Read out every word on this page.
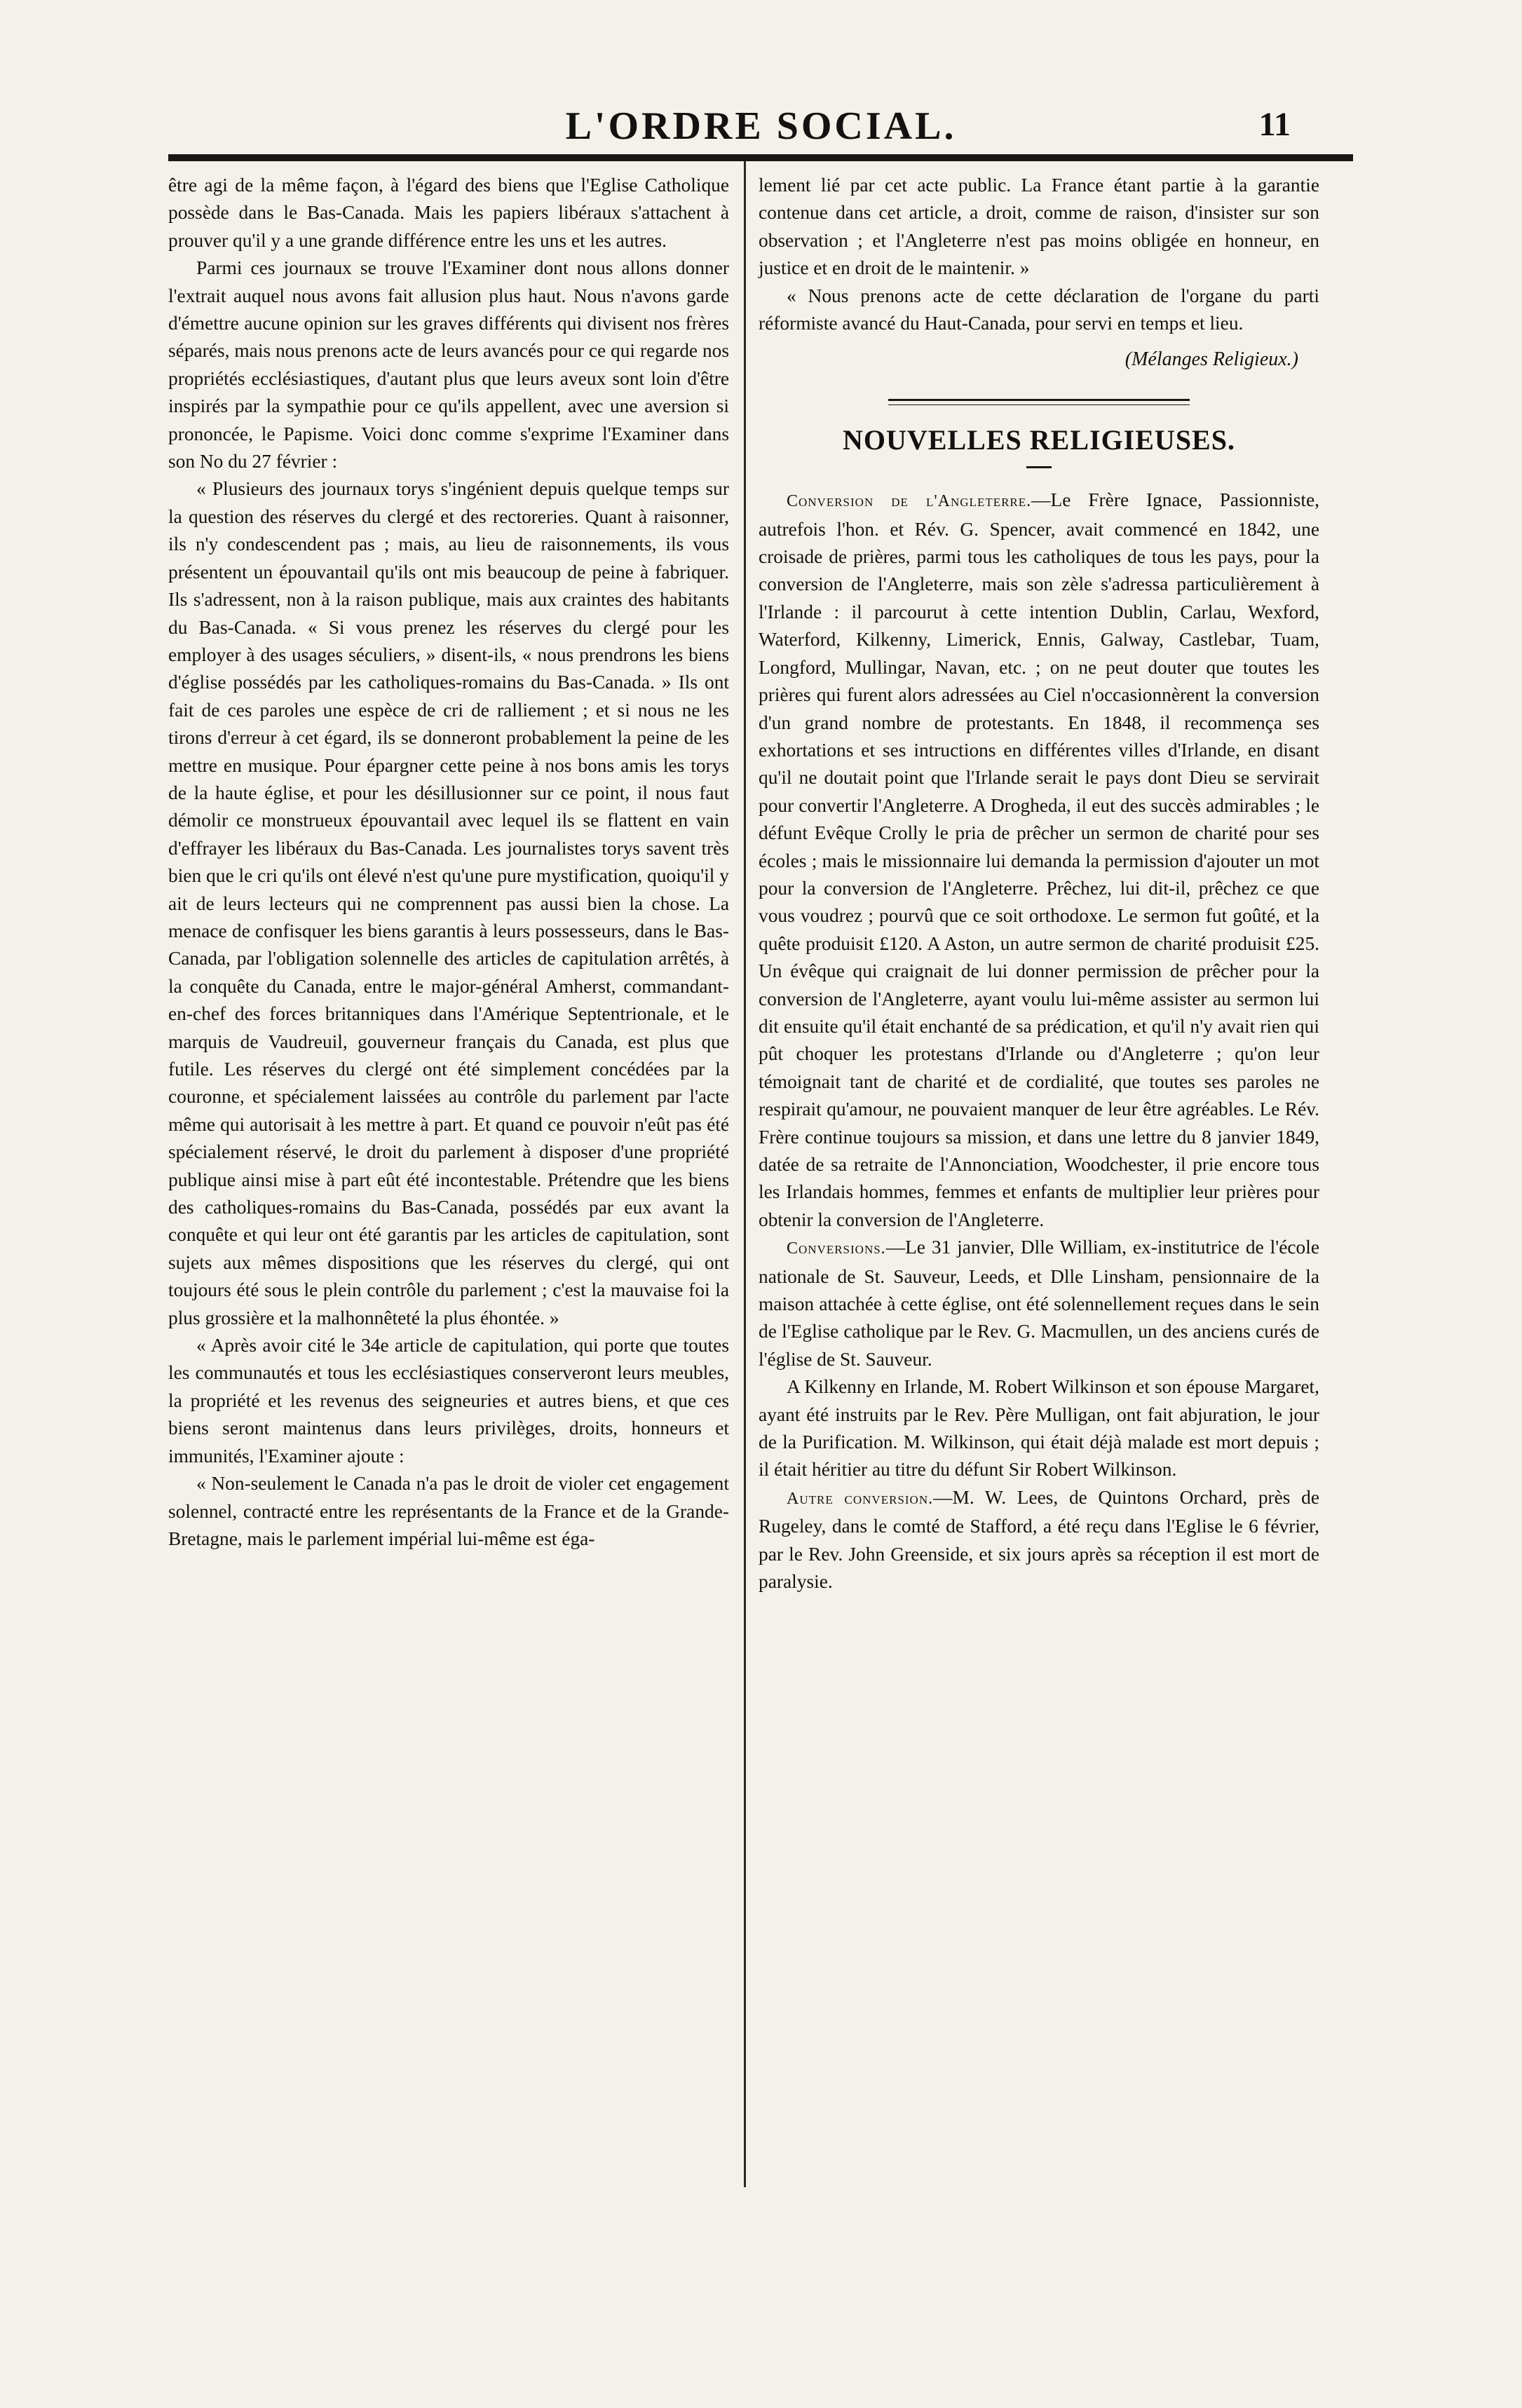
L'ORDRE SOCIAL.	11

être agi de la même façon, à l'égard des biens que l'Eglise Catholique possède dans le Bas-Canada. Mais les papiers libéraux s'attachent à prouver qu'il y a une grande différence entre les uns et les autres.

Parmi ces journaux se trouve l'Examiner dont nous allons donner l'extrait auquel nous avons fait allusion plus haut. Nous n'avons garde d'émettre aucune opinion sur les graves différents qui divisent nos frères séparés, mais nous prenons acte de leurs avancés pour ce qui regarde nos propriétés ecclésiastiques, d'autant plus que leurs aveux sont loin d'être inspirés par la sympathie pour ce qu'ils appellent, avec une aversion si prononcée, le Papisme. Voici donc comme s'exprime l'Examiner dans son No du 27 février :

« Plusieurs des journaux torys s'ingénient depuis quelque temps sur la question des réserves du clergé et des rectoreries. Quant à raisonner, ils n'y condescendent pas ; mais, au lieu de raisonnements, ils vous présentent un épouvantail qu'ils ont mis beaucoup de peine à fabriquer. Ils s'adressent, non à la raison publique, mais aux craintes des habitants du Bas-Canada. « Si vous prenez les réserves du clergé pour les employer à des usages séculiers, » disent-ils, « nous prendrons les biens d'église possédés par les catholiques-romains du Bas-Canada. » Ils ont fait de ces paroles une espèce de cri de ralliement ; et si nous ne les tirons d'erreur à cet égard, ils se donneront probablement la peine de les mettre en musique. Pour épargner cette peine à nos bons amis les torys de la haute église, et pour les désillusionner sur ce point, il nous faut démolir ce monstrueux épouvantail avec lequel ils se flattent en vain d'effrayer les libéraux du Bas-Canada. Les journalistes torys savent très bien que le cri qu'ils ont élevé n'est qu'une pure mystification, quoiqu'il y ait de leurs lecteurs qui ne comprennent pas aussi bien la chose. La menace de confisquer les biens garantis à leurs possesseurs, dans le Bas-Canada, par l'obligation solennelle des articles de capitulation arrêtés, à la conquête du Canada, entre le major-général Amherst, commandant-en-chef des forces britanniques dans l'Amérique Septentrionale, et le marquis de Vaudreuil, gouverneur français du Canada, est plus que futile. Les réserves du clergé ont été simplement concédées par la couronne, et spécialement laissées au contrôle du parlement par l'acte même qui autorisait à les mettre à part. Et quand ce pouvoir n'eût pas été spécialement réservé, le droit du parlement à disposer d'une propriété publique ainsi mise à part eût été incontestable. Prétendre que les biens des catholiques-romains du Bas-Canada, possédés par eux avant la conquête et qui leur ont été garantis par les articles de capitulation, sont sujets aux mêmes dispositions que les réserves du clergé, qui ont toujours été sous le plein contrôle du parlement ; c'est la mauvaise foi la plus grossière et la malhonnêteté la plus éhontée. »

« Après avoir cité le 34e article de capitulation, qui porte que toutes les communautés et tous les ecclésiastiques conserveront leurs meubles, la propriété et les revenus des seigneuries et autres biens, et que ces biens seront maintenus dans leurs privilèges, droits, honneurs et immunités, l'Examiner ajoute :

« Non-seulement le Canada n'a pas le droit de violer cet engagement solennel, contracté entre les représentants de la France et de la Grande-Bretagne, mais le parlement impérial lui-même est éga-

lement lié par cet acte public. La France étant partie à la garantie contenue dans cet article, a droit, comme de raison, d'insister sur son observation ; et l'Angleterre n'est pas moins obligée en honneur, en justice et en droit de le maintenir. »

« Nous prenons acte de cette déclaration de l'organe du parti réformiste avancé du Haut-Canada, pour servi en temps et lieu.

(Mélanges Religieux.)
NOUVELLES RELIGIEUSES.

Conversion de l'Angleterre.—Le Frère Ignace, Passionniste, autrefois l'hon. et Rév. G. Spencer, avait commencé en 1842, une croisade de prières, parmi tous les catholiques de tous les pays, pour la conversion de l'Angleterre, mais son zèle s'adressa particulièrement à l'Irlande : il parcourut à cette intention Dublin, Carlau, Wexford, Waterford, Kilkenny, Limerick, Ennis, Galway, Castlebar, Tuam, Longford, Mullingar, Navan, etc. ; on ne peut douter que toutes les prières qui furent alors adressées au Ciel n'occasionnèrent la conversion d'un grand nombre de protestants. En 1848, il recommença ses exhortations et ses intructions en différentes villes d'Irlande, en disant qu'il ne doutait point que l'Irlande serait le pays dont Dieu se servirait pour convertir l'Angleterre. A Drogheda, il eut des succès admirables ; le défunt Evêque Crolly le pria de prêcher un sermon de charité pour ses écoles ; mais le missionnaire lui demanda la permission d'ajouter un mot pour la conversion de l'Angleterre. Prêchez, lui dit-il, prêchez ce que vous voudrez ; pourvû que ce soit orthodoxe. Le sermon fut goûté, et la quête produisit £120. A Aston, un autre sermon de charité produisit £25. Un évêque qui craignait de lui donner permission de prêcher pour la conversion de l'Angleterre, ayant voulu lui-même assister au sermon lui dit ensuite qu'il était enchanté de sa prédication, et qu'il n'y avait rien qui pût choquer les protestans d'Irlande ou d'Angleterre ; qu'on leur témoignait tant de charité et de cordialité, que toutes ses paroles ne respirait qu'amour, ne pouvaient manquer de leur être agréables. Le Rév. Frère continue toujours sa mission, et dans une lettre du 8 janvier 1849, datée de sa retraite de l'Annonciation, Woodchester, il prie encore tous les Irlandais hommes, femmes et enfants de multiplier leur prières pour obtenir la conversion de l'Angleterre.

Conversions.—Le 31 janvier, Dlle William, ex-institutrice de l'école nationale de St. Sauveur, Leeds, et Dlle Linsham, pensionnaire de la maison attachée à cette église, ont été solennellement reçues dans le sein de l'Eglise catholique par le Rev. G. Macmullen, un des anciens curés de l'église de St. Sauveur.

A Kilkenny en Irlande, M. Robert Wilkinson et son épouse Margaret, ayant été instruits par le Rev. Père Mulligan, ont fait abjuration, le jour de la Purification. M. Wilkinson, qui était déjà malade est mort depuis ; il était héritier au titre du défunt Sir Robert Wilkinson.

Autre conversion.—M. W. Lees, de Quintons Orchard, près de Rugeley, dans le comté de Stafford, a été reçu dans l'Eglise le 6 février, par le Rev. John Greenside, et six jours après sa réception il est mort de paralysie.
